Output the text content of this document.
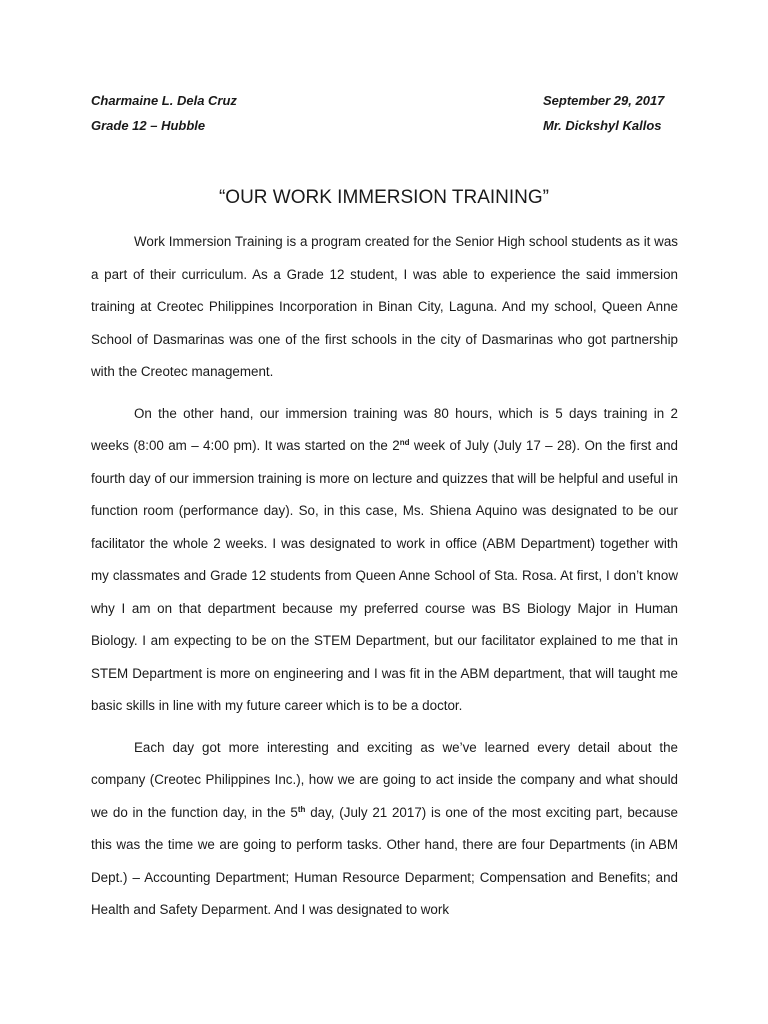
Charmaine L. Dela Cruz	September 29, 2017
Grade 12 – Hubble	Mr. Dickshyl Kallos
“OUR WORK IMMERSION TRAINING”

Work Immersion Training is a program created for the Senior High school students as it was a part of their curriculum. As a Grade 12 student, I was able to experience the said immersion training at Creotec Philippines Incorporation in Binan City, Laguna. And my school, Queen Anne School of Dasmarinas was one of the first schools in the city of Dasmarinas who got partnership with the Creotec management.

On the other hand, our immersion training was 80 hours, which is 5 days training in 2 weeks (8:00 am – 4:00 pm). It was started on the 2nd week of July (July 17 – 28). On the first and fourth day of our immersion training is more on lecture and quizzes that will be helpful and useful in function room (performance day). So, in this case, Ms. Shiena Aquino was designated to be our facilitator the whole 2 weeks. I was designated to work in office (ABM Department) together with my classmates and Grade 12 students from Queen Anne School of Sta. Rosa. At first, I don’t know why I am on that department because my preferred course was BS Biology Major in Human Biology. I am expecting to be on the STEM Department, but our facilitator explained to me that in STEM Department is more on engineering and I was fit in the ABM department, that will taught me basic skills in line with my future career which is to be a doctor.

Each day got more interesting and exciting as we’ve learned every detail about the company (Creotec Philippines Inc.), how we are going to act inside the company and what should we do in the function day, in the 5th day, (July 21 2017) is one of the most exciting part, because this was the time we are going to perform tasks. Other hand, there are four Departments (in ABM Dept.) – Accounting Department; Human Resource Deparment; Compensation and Benefits; and Health and Safety Deparment. And I was designated to work
